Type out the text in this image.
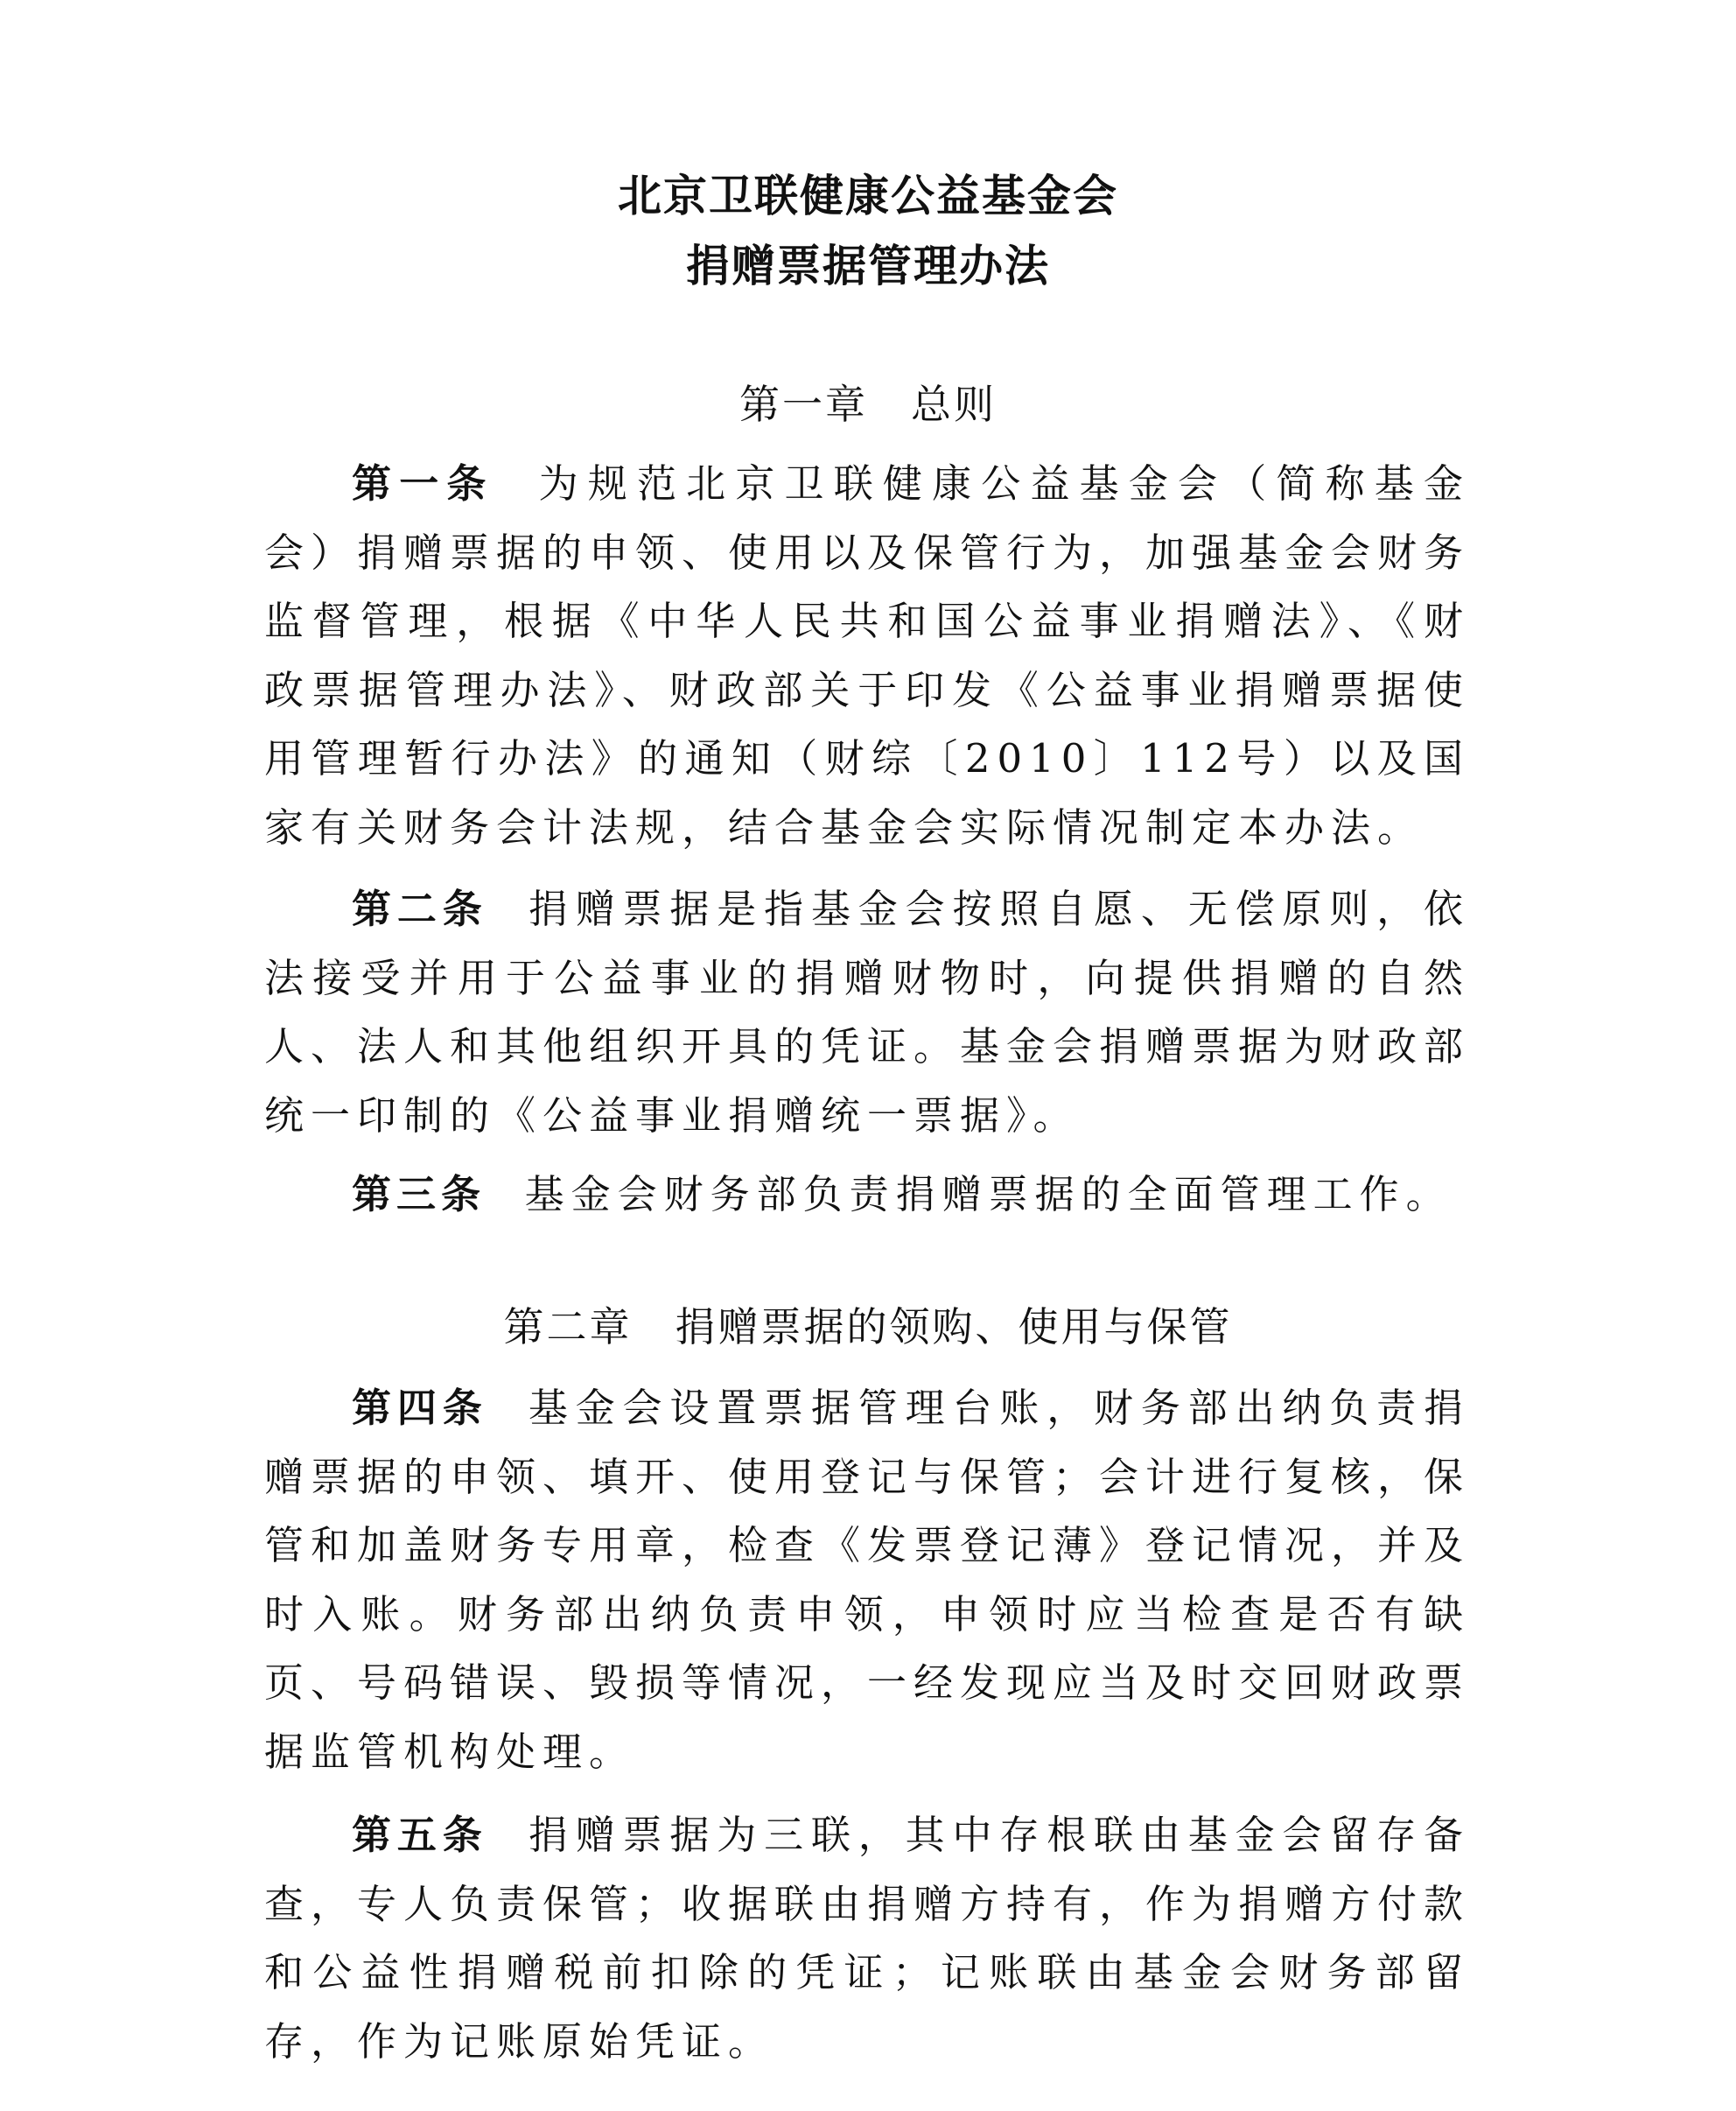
北京卫联健康公益基金会
捐赠票据管理办法
第一章　总则

第一条 为规范北京卫联健康公益基金会（简称基金会）捐赠票据的申领、使用以及保管行为，加强基金会财务监督管理，根据《中华人民共和国公益事业捐赠法》、《财政票据管理办法》、财政部关于印发《公益事业捐赠票据使用管理暂行办法》的通知（财综〔2010〕112号）以及国家有关财务会计法规，结合基金会实际情况制定本办法。

第二条 捐赠票据是指基金会按照自愿、无偿原则，依法接受并用于公益事业的捐赠财物时，向提供捐赠的自然人、法人和其他组织开具的凭证。基金会捐赠票据为财政部统一印制的《公益事业捐赠统一票据》。

第三条 基金会财务部负责捐赠票据的全面管理工作。

第二章　捐赠票据的领购、使用与保管

第四条 基金会设置票据管理台账，财务部出纳负责捐赠票据的申领、填开、使用登记与保管；会计进行复核，保管和加盖财务专用章，检查《发票登记薄》登记情况，并及时入账。财务部出纳负责申领，申领时应当检查是否有缺页、号码错误、毁损等情况，一经发现应当及时交回财政票据监管机构处理。

第五条 捐赠票据为三联，其中存根联由基金会留存备查，专人负责保管；收据联由捐赠方持有，作为捐赠方付款和公益性捐赠税前扣除的凭证；记账联由基金会财务部留存，作为记账原始凭证。
